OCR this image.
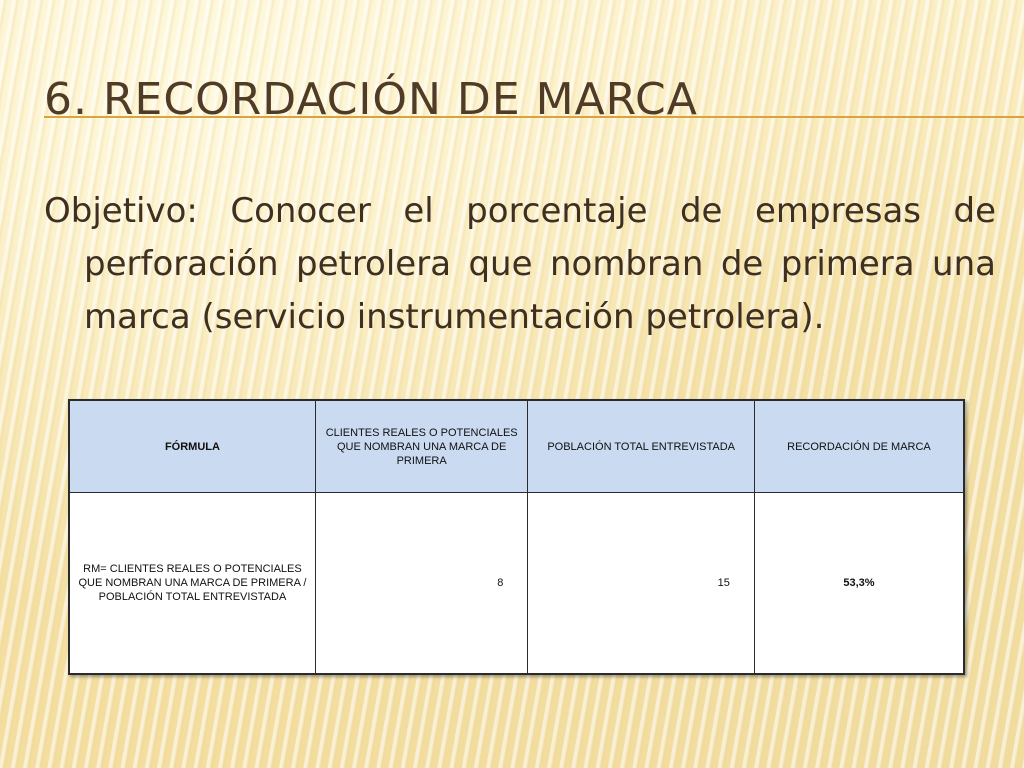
6. RECORDACIÓN DE MARCA
Objetivo: Conocer el porcentaje de empresas de perforación petrolera que nombran de primera una marca (servicio instrumentación petrolera).
FÓRMULA	CLIENTES REALES O POTENCIALES QUE NOMBRAN UNA MARCA DE PRIMERA	POBLACIÓN TOTAL ENTREVISTADA	RECORDACIÓN DE MARCA
RM= CLIENTES REALES O POTENCIALES QUE NOMBRAN UNA MARCA DE PRIMERA / POBLACIÓN TOTAL ENTREVISTADA	8	15	53,3%
